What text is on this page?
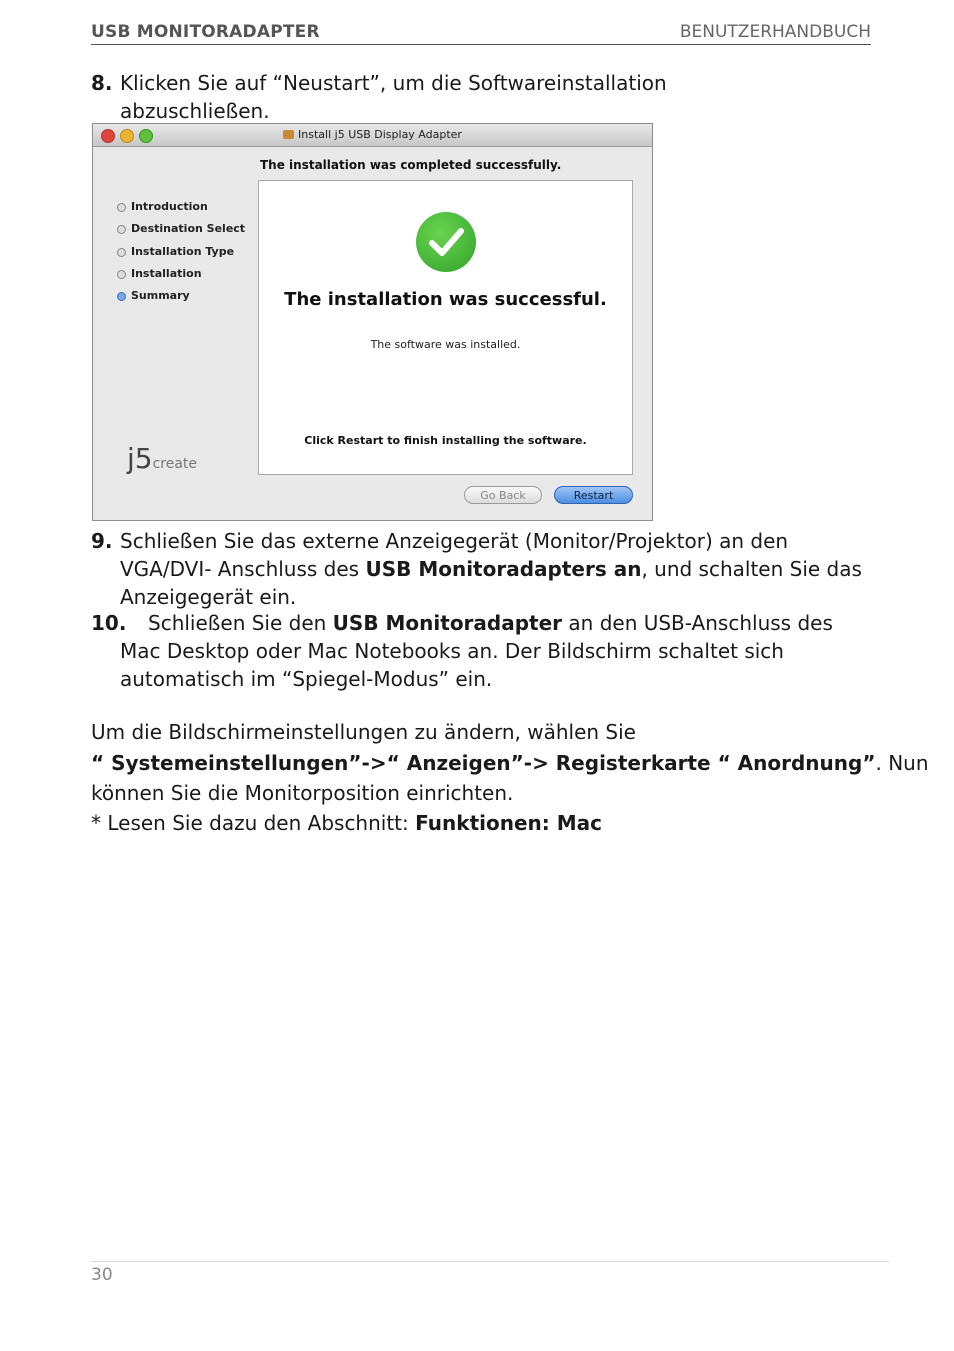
USB MONITORADAPTER	BENUTZERHANDBUCH
8. Klicken Sie auf “Neustart”, um die Softwareinstallation
abzuschließen.
Install j5 USB Display Adapter
The installation was completed successfully.
Introduction
Destination Select
Installation Type
Installation
Summary
j5create
The installation was successful.
The software was installed.
Click Restart to finish installing the software.
Go Back	Restart
9. Schließen Sie das externe Anzeigegerät (Monitor/Projektor) an den
VGA/DVI- Anschluss des USB Monitoradapters an, und schalten Sie das
Anzeigegerät ein.
10.	Schließen Sie den USB Monitoradapter an den USB-Anschluss des
Mac Desktop oder Mac Notebooks an. Der Bildschirm schaltet sich
automatisch im “Spiegel-Modus” ein.
Um die Bildschirmeinstellungen zu ändern, wählen Sie
“ Systemeinstellungen”->“ Anzeigen”-> Registerkarte “ Anordnung”. Nun
können Sie die Monitorposition einrichten.
* Lesen Sie dazu den Abschnitt: Funktionen: Mac
30
